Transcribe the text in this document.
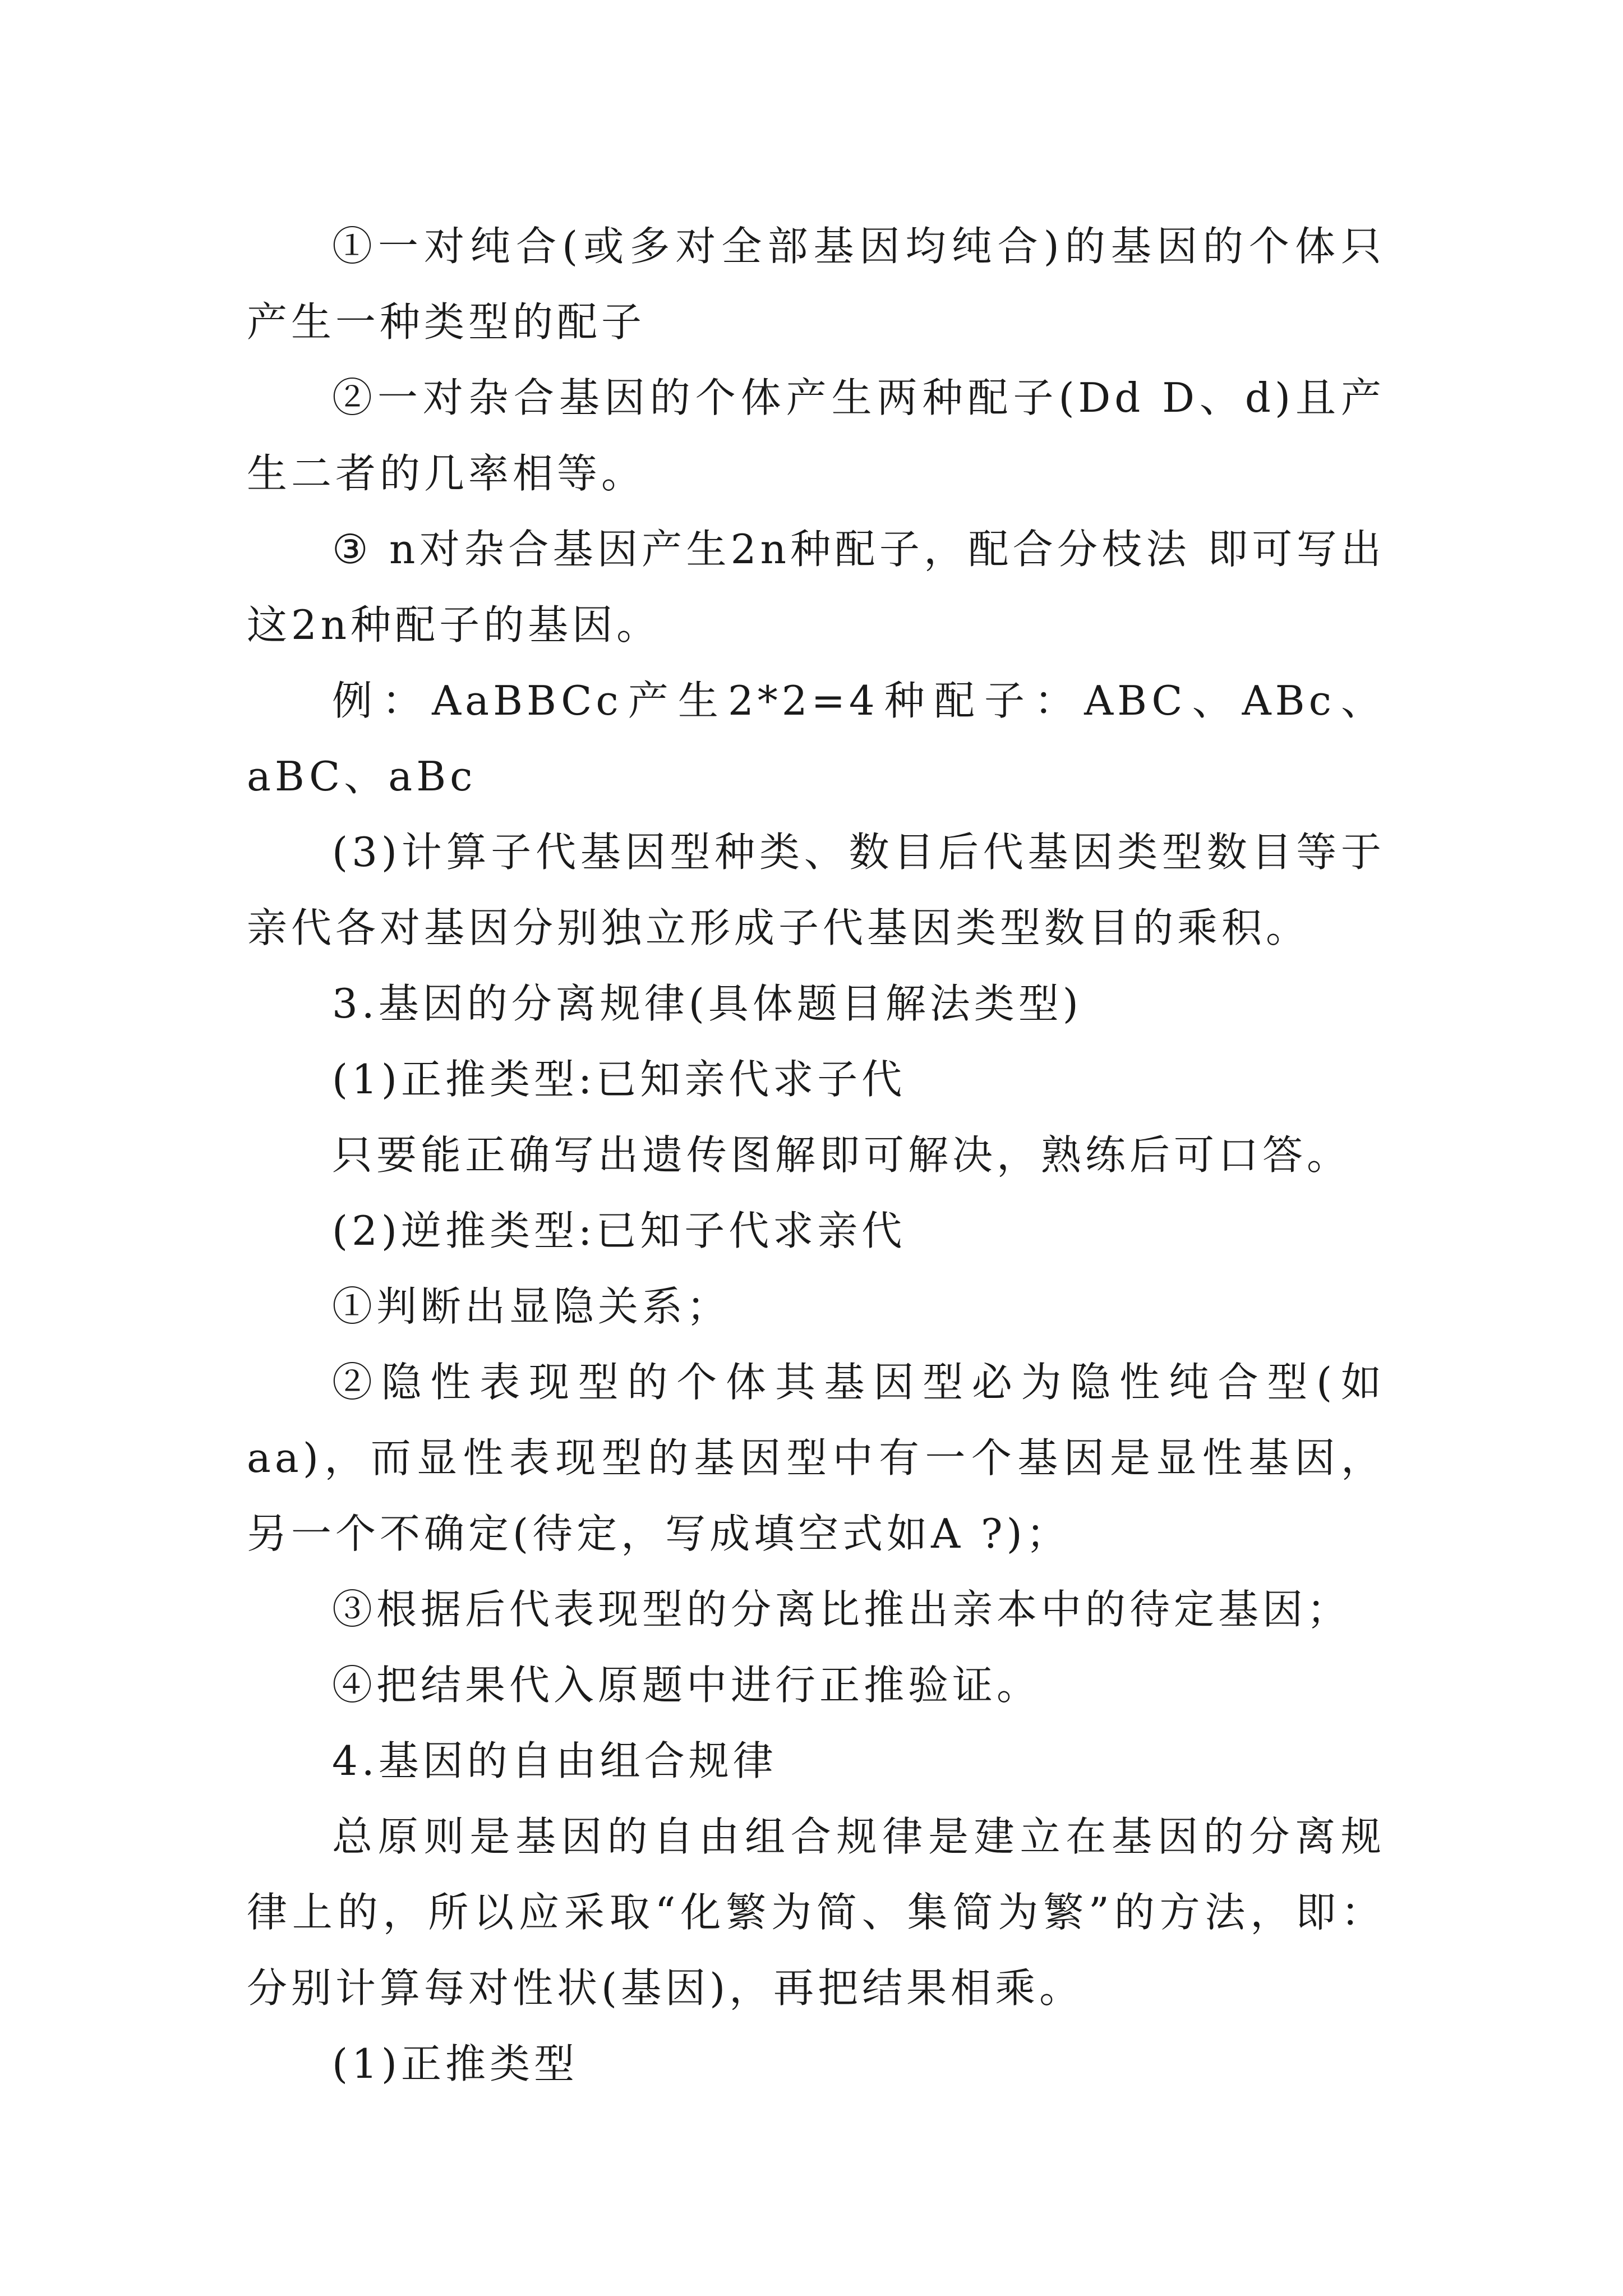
①一对纯合(或多对全部基因均纯合)的基因的个体只产生一种类型的配子

②一对杂合基因的个体产生两种配子(Dd D、d)且产生二者的几率相等。

③ n对杂合基因产生2n种配子，配合分枝法 即可写出这2n种配子的基因。

例：AaBBCc产生2*2=4种配子：ABC、ABc、aBC、aBc

(3)计算子代基因型种类、数目后代基因类型数目等于亲代各对基因分别独立形成子代基因类型数目的乘积。

3.基因的分离规律(具体题目解法类型)

(1)正推类型:已知亲代求子代

只要能正确写出遗传图解即可解决，熟练后可口答。

(2)逆推类型:已知子代求亲代

①判断出显隐关系；

②隐性表现型的个体其基因型必为隐性纯合型(如aa)，而显性表现型的基因型中有一个基因是显性基因，另一个不确定(待定，写成填空式如A ?)；

③根据后代表现型的分离比推出亲本中的待定基因；

④把结果代入原题中进行正推验证。

4.基因的自由组合规律

总原则是基因的自由组合规律是建立在基因的分离规律上的，所以应采取“化繁为简、集简为繁”的方法，即：分别计算每对性状(基因)，再把结果相乘。

(1)正推类型
